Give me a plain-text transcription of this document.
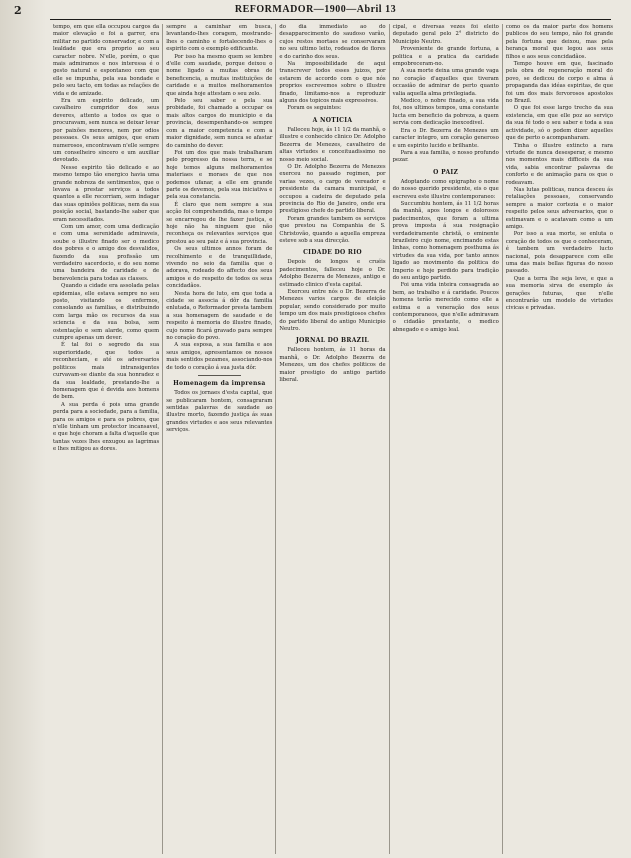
2	REFORMADOR—1900—Abril 13

tempo, em que ella occupou cargos da maior elevação e foi a garrer, era militar no partido conservador, e com a lealdade que era proprio ao seu caracter nobre. N'elle, porém, o que mais admiramos e nos interessa é o gesto natural e espontaneo com que elle se impunha, pela sua bondade e pelo seu tacto, em todas as relações de vida e de amizade.

Era um espirito delicado, um cavalheiro cumpridor dos seus deveres, attento a todos os que o procuravam, sem nunca se deixar levar por paixões menores, nem por odios pessoaes. Os seus amigos, que eram numerosos, encontravam n'elle sempre um conselheiro sincero e um auxiliar devotado.

Nesse espirito tão delicado e ao mesmo tempo tão energico havia uma grande nobreza de sentimentos, que o levava a prestar serviços a todos quantos a elle recorriam, sem indagar das suas opiniões politicas, nem da sua posição social, bastando-lhe saber que eram necessitados.

Com um amor, com uma dedicação e com uma serenidade admiraveis, soube o illustre finado ser o medico dos pobres e o amigo dos desvalidos, fazendo da sua profissão um verdadeiro sacerdocio, e do seu nome uma bandeira de caridade e de benevolencia para todas as classes.

Quando a cidade era assolada pelas epidemias, elle estava sempre no seu posto, visitando os enfermos, consolando as familias, e distribuindo com larga mão os recursos da sua sciencia e da sua bolsa, sem ostentação e sem alarde, como quem cumpre apenas um dever.

É tal foi o segredo da sua superioridade, que todos a reconheciam, e até os adversarios politicos mais intransigentes curvavam-se diante da sua honradez e da sua lealdade, prestando-lhe a homenagem que é devida aos homens de bem.

A sua perda é pois uma grande perda para a sociedade, para a familia, para os amigos e para os pobres, que n'elle tinham um protector incansavel, e que hoje choram a falta d'aquelle que tantas vezes lhes enxugou as lagrimas e lhes mitigou as dores.

sempre a caminhar em busca, levantando-lhes coragem, mostrando-lhes o caminho e fortalecendo-lhes o espirito com o exemplo edificante.

Por isso ha mesmo quem se lembre d'elle com saudade, porque deixou o nome ligado a muitas obras de beneficencia, a muitas instituições de caridade e a muitos melhoramentos que ainda hoje attestam o seu zelo.

Pelo seu saber e pela sua probidade, foi chamado a occupar os mais altos cargos do municipio e da provincia, desempenhando-os sempre com a maior competencia e com a maior dignidade, sem nunca se afastar do caminho do dever.

Foi um dos que mais trabalharam pelo progresso da nossa terra, e se hoje temos alguns melhoramentos materiaes e moraes de que nos podemos ufanar, a elle em grande parte os devemos, pela sua iniciativa e pela sua constancia.

É claro que nem sempre a sua acção foi comprehendida, mas o tempo se encarregou de lhe fazer justiça, e hoje não ha ninguem que não reconheça os relevantes serviços que prestou ao seu paiz e á sua provincia.

Os seus ultimos annos foram de recolhimento e de tranquillidade, vivendo no seio da familia que o adorava, rodeado do affecto dos seus amigos e do respeito de todos os seus concidadãos.

Nesta hora de luto, em que toda a cidade se associa á dôr da familia enlutada, o Reformador presta tambem a sua homenagem de saudade e de respeito á memoria do illustre finado, cujo nome ficará gravado para sempre no coração do povo.

A sua esposa, a sua familia e aos seus amigos, apresentamos os nossos mais sentidos pezames, associando-nos de todo o coração á sua justa dôr.

Homenagem da imprensa

Todos os jornaes d'esta capital, que se publicaram hontem, consagraram sentidas palavras de saudade ao illustre morto, fazendo justiça ás suas grandes virtudes e aos seus relevantes serviços.

do dia immediato ao do desapparecimento do saudoso varão, cujos restos mortaes se conservaram no seu ultimo leito, rodeados de flores e do carinho dos seus.

Na impossibilidade de aqui transcrever todos esses juizos, por estarem de accordo com o que nós proprios escrevemos sobre o illustre finado, limitamo-nos a reproduzir alguns dos topicos mais expressivos.

Foram os seguintes:

A NOTICIA

Falleceu hoje, ás 11 1/2 da manhã, o illustre e conhecido clinico Dr. Adolpho Bezerra de Menezes, cavalheiro de altas virtudes e conceituadissimo no nosso meio social.

O Dr. Adolpho Bezerra de Menezes exerceu no passado regimen, por varias vezes, o cargo de vereador e presidente da camara municipal, e occupou a cadeira de deputado pela provincia do Rio de Janeiro, onde era prestigioso chefe do partido liberal.

Foram grandes tambem os serviços que prestou na Companhia de S. Christovão, quando a aquella empreza esteve sob a sua direcção.

CIDADE DO RIO

Depois de longos e cruéis padecimentos, falleceu hoje o Dr. Adolpho Bezerra de Menezes, antigo e estimado clinico d'esta capital.

Exerceu entre nós o Dr. Bezerra de Menezes varios cargos de eleição popular, sendo considerado por muito tempo um dos mais prestigiosos chefes do partido liberal do antigo Municipio Neutro.

JORNAL DO BRAZIL

Falleceu hontem, ás 11 horas da manhã, o Dr. Adolpho Bezerra de Menezes, um dos chefes politicos de maior prestigio do antigo partido liberal.

cipal, e diversas vezes foi eleito deputado geral pelo 2° districto do Municipio Neutro.

Proveniente de grande fortuna, a politica e a pratica da caridade empobreceram-no.

A sua morte deixa uma grande vaga no coração d'aquelles que tiveram occasião de admirar de perto quanto valia aquella alma privilegiada.

Medico, o nobre finado, a sua vida foi, nos ultimos tempos, uma constante lucta em beneficio da pobreza, a quem servia com dedicação inexcedivel.

Era o Dr. Bezerra de Menezes um caracter integro, um coração generoso e um espirito lucido e brilhante.

Para a sua familia, o nosso profundo pezar.

O PAIZ

Adoptando como epigrapho o nome do nosso querido presidente, eis o que escreveu este illustre contemporaneo:

Succumbiu hontem, ás 11 1/2 horas da manhã, apos longos e dolorosos padecimentos, que foram a ultima prova imposta á sua resignação verdadeiramente christã, o eminente brazileiro cujo nome, encimando estas linhas, como homenagem posthuma ás virtudes da sua vida, por tanto annos ligado ao movimento da politica do Imperio e hoje perdido para tradição do seu antigo partido.

Foi uma vida inteira consagrada ao bem, ao trabalho e á caridade. Poucos homens terão merecido como elle a estima e a veneração dos seus contemporaneos, que n'elle admiravam o cidadão prestante, o medico abnegado e o amigo leal.

como os da maior parte dos homens publicos do seu tempo, não foi grande pela fortuna que deixou, mas pela herança moral que legou aos seus filhos e aos seus concidadãos.

Tempo houve em que, fascinado pela obra de regeneração moral do povo, se dedicou de corpo e alma á propaganda das idéas espiritas, de que foi um dos mais fervorosos apostolos no Brazil.

O que foi esse largo trecho da sua existencia, em que elle poz ao serviço da sua fé todo o seu saber e toda a sua actividade, só o podem dizer aquelles que de perto o acompanharam.

Tinha o illustre extincto a rara virtude de nunca desesperar, e mesmo nos momentos mais difficeis da sua vida, sabia encontrar palavras de conforto e de animação para os que o rodeavam.

Nas lutas politicas, nunca desceu ás retaliações pessoaes, conservando sempre a maior cortezia e o maior respeito pelos seus adversarios, que o estimavam e o acatavam como a um amigo.

Por isso a sua morte, se enluta o coração de todos os que o conheceram, é tambem um verdadeiro lucto nacional, pois desapparece com elle uma das mais bellas figuras do nosso passado.

Que a terra lhe seja leve, e que a sua memoria sirva de exemplo ás gerações futuras, que n'elle encontrarão um modelo de virtudes civicas e privadas.
